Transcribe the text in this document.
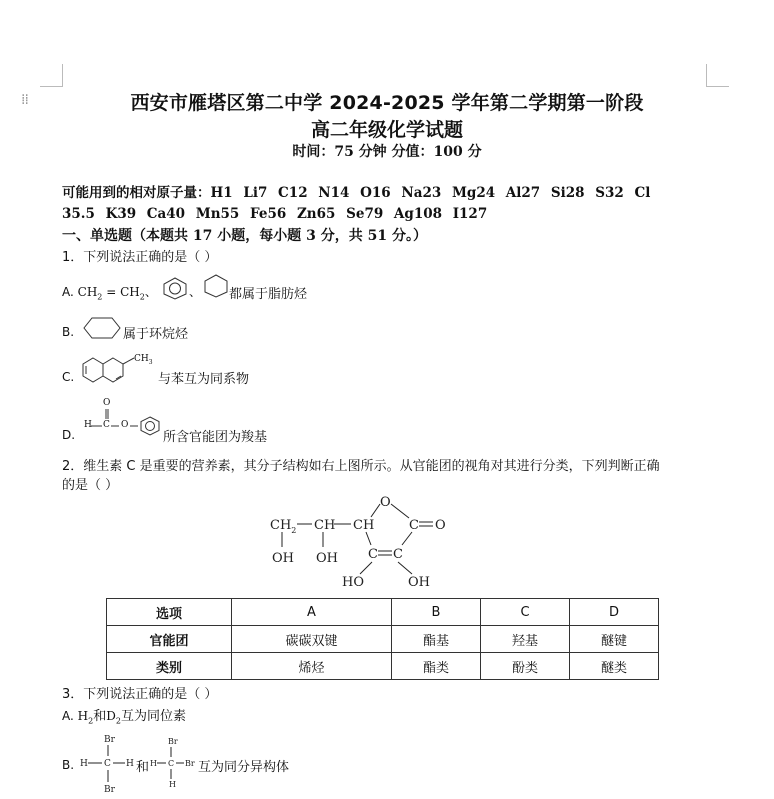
⁞⁞	西安市雁塔区第二中学 2024-2025 学年第二学期第一阶段
高二年级化学试题
时间：75 分钟 分值：100 分
可能用到的相对原子量：H1 Li7 C12 N14 O16 Na23 Mg24 Al27 Si28 S32 Cl
35.5 K39 Ca40 Mn55 Fe56 Zn65 Se79 Ag108 I127
一、单选题（本题共 17 小题，每小题 3 分，共 51 分。）
1．下列说法正确的是（ ）
A. $CH_2 = CH_2$、	、 都属于脂肪烃
B.	属于环烷烃
C.
$CH_3$
与苯互为同系物
D.
O
H C O
所含官能团为羧基
2．维生素 C 是重要的营养素，其分子结构如右上图所示。从官能团的视角对其进行分类，下列判断正确
的是（ ）
$CH_2$ CH CH
O
C O
C C
OH OH
HO	OH
选项	A	B	C	D
官能团	碳碳双键	酯基	羟基	醚键
类别	烯烃	酯类	酚类	醚类
3．下列说法正确的是（ ）
A. $H_2$和$D_2$互为同位素
B.
Br
H C H
Br
和
Br
H C Br
H
互为同分异构体
